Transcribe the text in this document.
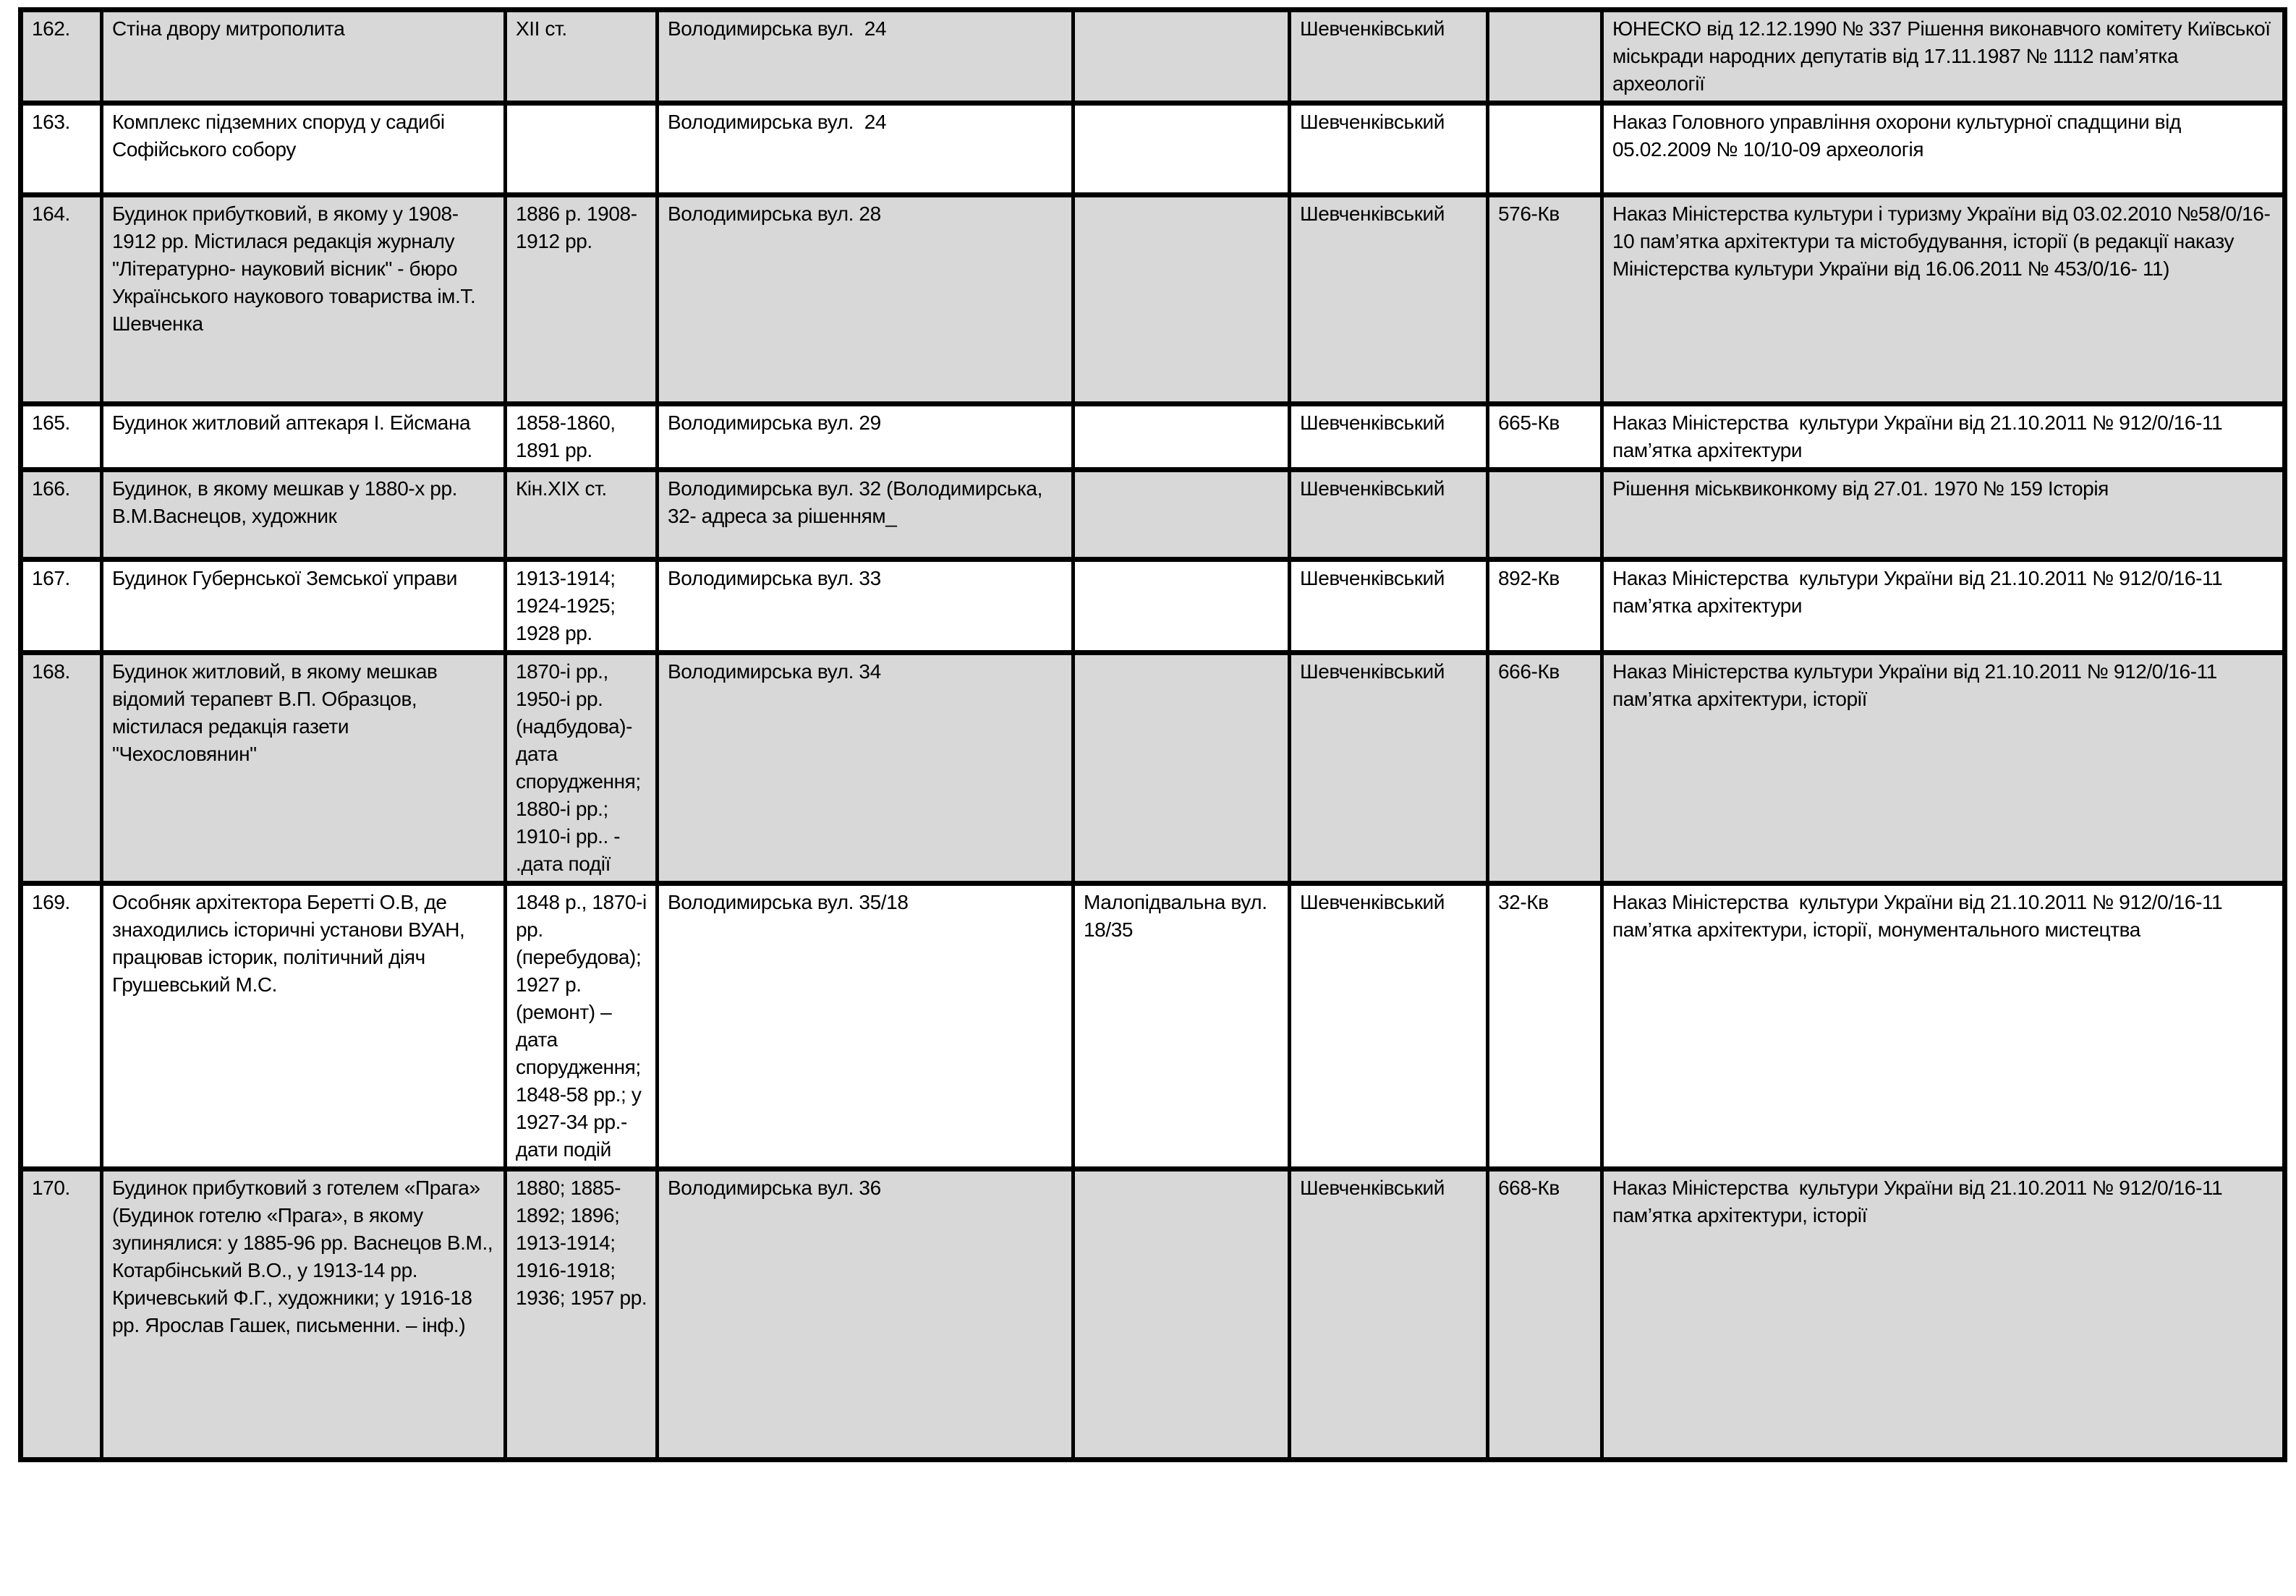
162.	Стіна двору митрополита	XII ст.	Володимирська вул.  24		Шевченківський		ЮНЕСКО від 12.12.1990 № 337 Рішення виконавчого комітету Київської міськради народних депутатів від 17.11.1987 № 1112 пам’ятка археології
163.	Комплекс підземних споруд у садибі Софійського собору		Володимирська вул.  24		Шевченківський		Наказ Головного управління охорони культурної спадщини від 05.02.2009 № 10/10-09 археологія
164.	Будинок прибутковий, в якому у 1908-1912 рр. Містилася редакція журналу "Літературно- науковий вісник" - бюро Українського наукового товариства ім.Т. Шевченка	1886 р. 1908-1912 рр.	Володимирська вул. 28		Шевченківський	576-Кв	Наказ Міністерства культури і туризму України від 03.02.2010 №58/0/16-10 пам’ятка архітектури та містобудування, історії (в редакції наказу Міністерства культури України від 16.06.2011 № 453/0/16- 11)
165.	Будинок житловий аптекаря І. Ейсмана	1858-1860, 1891 рр.	Володимирська вул. 29		Шевченківський	665-Кв	Наказ Міністерства  культури України від 21.10.2011 № 912/0/16-11 пам’ятка архітектури
166.	Будинок, в якому мешкав у 1880-х рр. В.М.Васнецов, художник	Кін.XIX ст.	Володимирська вул. 32 (Володимирська, 32- адреса за рішенням_		Шевченківський		Рішення міськвиконкому від 27.01. 1970 № 159 Історія
167.	Будинок Губернської Земської управи	1913-1914; 1924-1925; 1928 рр.	Володимирська вул. 33		Шевченківський	892-Кв	Наказ Міністерства  культури України від 21.10.2011 № 912/0/16-11 пам’ятка архітектури
168.	Будинок житловий, в якому мешкав відомий терапевт В.П. Образцов, містилася редакція газети "Чехословянин"	1870-і рр., 1950-і рр. (надбудова)- дата спорудження; 1880-і рр.; 1910-і рр.. - .дата події	Володимирська вул. 34		Шевченківський	666-Кв	Наказ Міністерства культури України від 21.10.2011 № 912/0/16-11 пам’ятка архітектури, історії
169.	Особняк архітектора Беретті О.В, де знаходились історичні установи ВУАН, працював історик, політичний діяч Грушевський М.С.	1848 р., 1870-і рр. (перебудова); 1927 р. (ремонт) – дата спорудження; 1848-58 рр.; у 1927-34 рр.- дати подій	Володимирська вул. 35/18	Малопідвальна вул. 18/35	Шевченківський	32-Кв	Наказ Міністерства  культури України від 21.10.2011 № 912/0/16-11 пам’ятка архітектури, історії, монументального мистецтва
170.	Будинок прибутковий з готелем «Прага» (Будинок готелю «Прага», в якому зупинялися: у 1885-96 рр. Васнецов В.М., Котарбінський В.О., у 1913-14 рр. Кричевський Ф.Г., художники; у 1916-18 рр. Ярослав Гашек, письменни. – інф.)	1880; 1885-1892; 1896; 1913-1914; 1916-1918; 1936; 1957 рр.	Володимирська вул. 36		Шевченківський	668-Кв	Наказ Міністерства  культури України від 21.10.2011 № 912/0/16-11 пам’ятка архітектури, історії
